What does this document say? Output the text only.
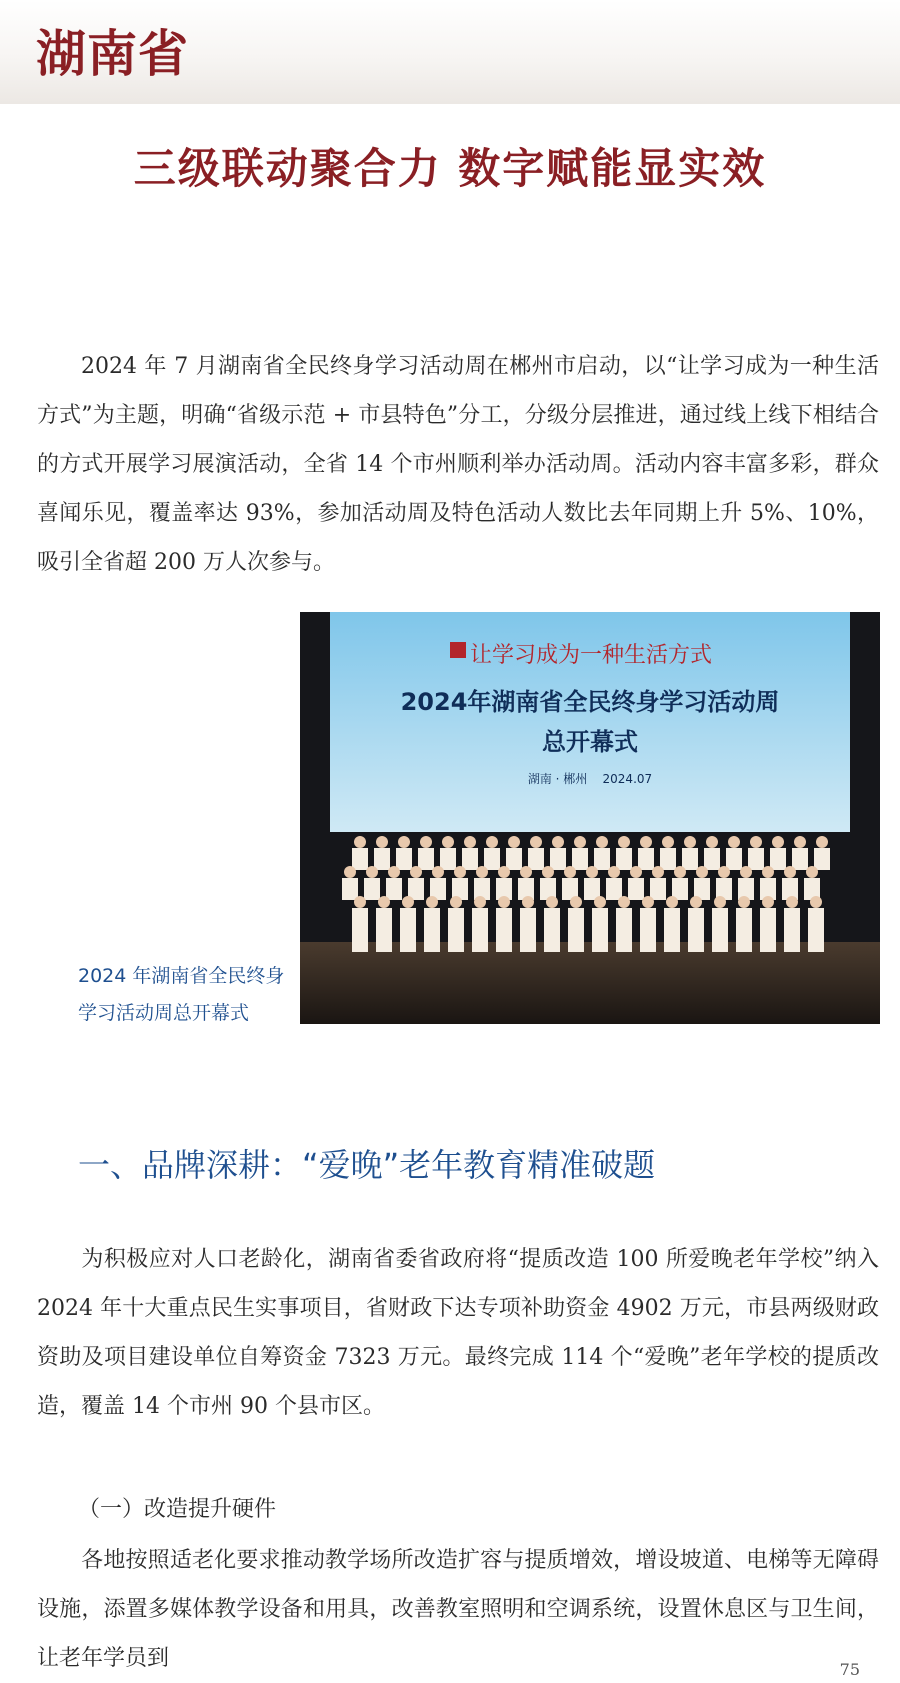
湖南省
三级联动聚合力 数字赋能显实效

2024 年 7 月湖南省全民终身学习活动周在郴州市启动，以“让学习成为一种生活方式”为主题，明确“省级示范 + 市县特色”分工，分级分层推进，通过线上线下相结合的方式开展学习展演活动，全省 14 个市州顺利举办活动周。活动内容丰富多彩，群众喜闻乐见，覆盖率达 93%，参加活动周及特色活动人数比去年同期上升 5%、10%，吸引全省超 200 万人次参与。

让学习成为一种生活方式
2024年湖南省全民终身学习活动周
总开幕式
湖南 · 郴州    2024.07
2024 年湖南省全民终身
学习活动周总开幕式
一、品牌深耕：“爱晚”老年教育精准破题

为积极应对人口老龄化，湖南省委省政府将“提质改造 100 所爱晚老年学校”纳入 2024 年十大重点民生实事项目，省财政下达专项补助资金 4902 万元，市县两级财政资助及项目建设单位自筹资金 7323 万元。最终完成 114 个“爱晚”老年学校的提质改造，覆盖 14 个市州 90 个县市区。

（一）改造提升硬件

各地按照适老化要求推动教学场所改造扩容与提质增效，增设坡道、电梯等无障碍设施，添置多媒体教学设备和用具，改善教室照明和空调系统，设置休息区与卫生间，让老年学员到	75
